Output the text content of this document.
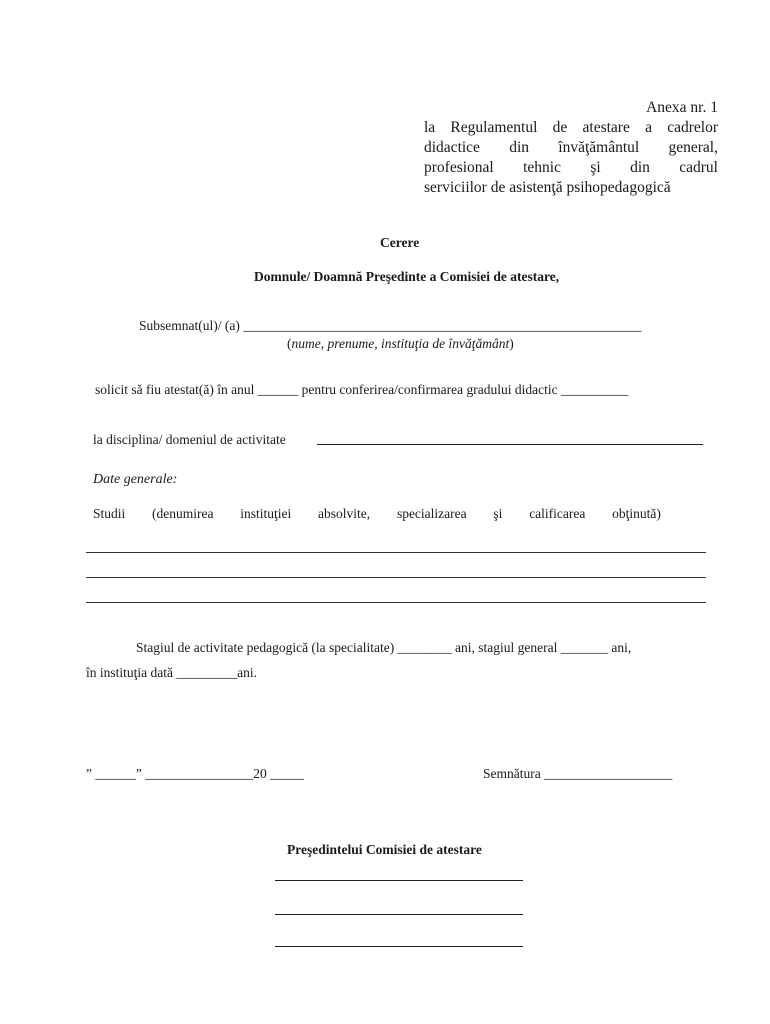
Anexa nr. 1
la Regulamentul de atestare a cadrelor
didactice din învăţământul general,
profesional tehnic şi din cadrul
serviciilor de asistenţă psihopedagogică
Cerere
Domnule/ Doamnă Preşedinte a Comisiei de atestare,
Subsemnat(ul)/ (a) ___________________________________________________________
(nume, prenume, instituţia de învăţământ)
solicit să fiu atestat(ă) în anul ______ pentru conferirea/confirmarea gradului didactic __________
la disciplina/ domeniul de activitate
Date generale:
Studii (denumirea instituţiei absolvite, specializarea şi calificarea obţinută)
Stagiul de activitate pedagogică (la specialitate) ________ ani, stagiul general _______ ani,
în instituţia dată _________ani.
” ______” ________________20 _____	Semnătura ___________________
Preşedintelui Comisiei de atestare
